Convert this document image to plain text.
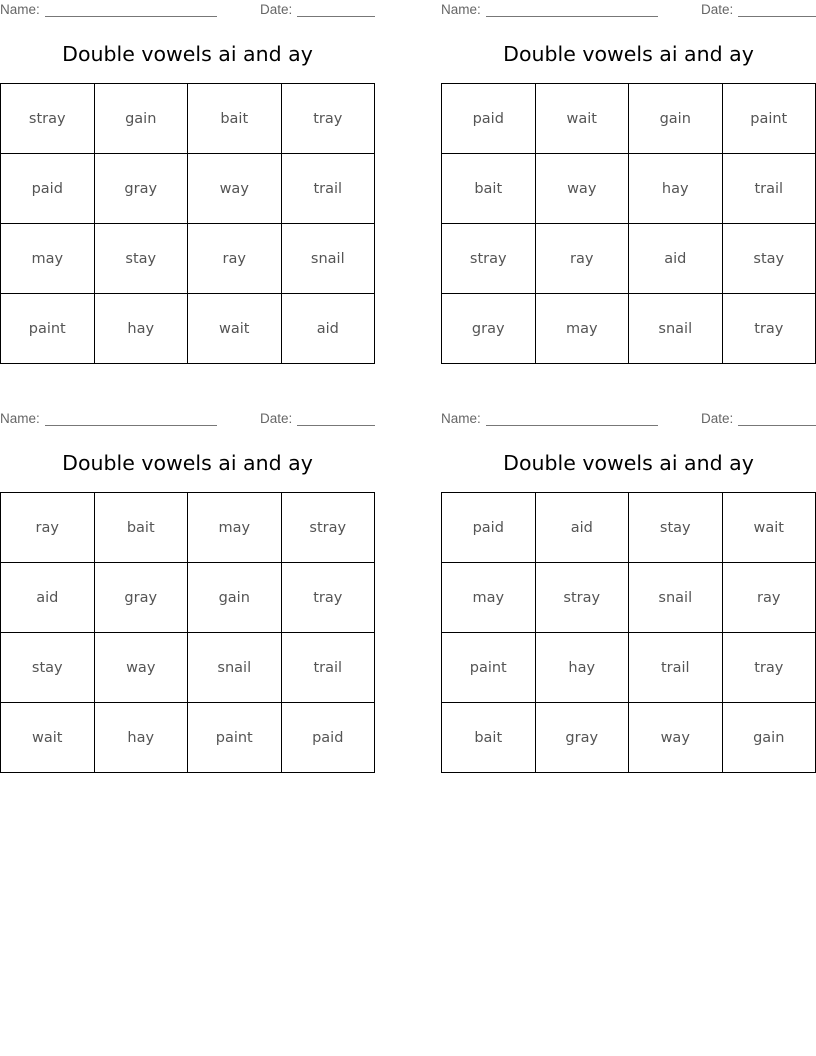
Name:	Date:
Double vowels ai and ay
stray	gain	bait	tray
paid	gray	way	trail
may	stay	ray	snail
paint	hay	wait	aid
Name:	Date:
Double vowels ai and ay
paid	wait	gain	paint
bait	way	hay	trail
stray	ray	aid	stay
gray	may	snail	tray
Name:	Date:
Double vowels ai and ay
ray	bait	may	stray
aid	gray	gain	tray
stay	way	snail	trail
wait	hay	paint	paid
Name:	Date:
Double vowels ai and ay
paid	aid	stay	wait
may	stray	snail	ray
paint	hay	trail	tray
bait	gray	way	gain
